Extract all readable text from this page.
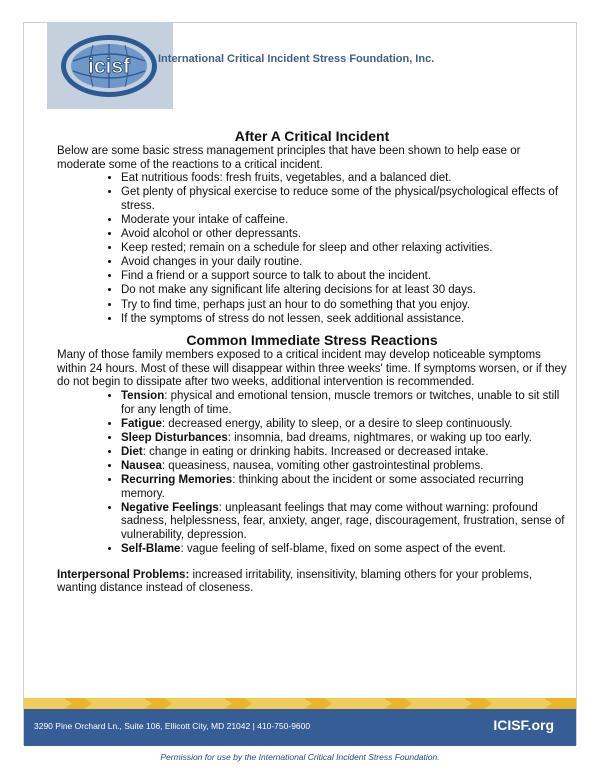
icisf	International Critical Incident Stress Foundation, Inc.
After A Critical Incident

Below are some basic stress management principles that have been shown to help ease or moderate some of the reactions to a critical incident.

• Eat nutritious foods: fresh fruits, vegetables, and a balanced diet.
• Get plenty of physical exercise to reduce some of the physical/psychological effects of stress.
• Moderate your intake of caffeine.
• Avoid alcohol or other depressants.
• Keep rested; remain on a schedule for sleep and other relaxing activities.
• Avoid changes in your daily routine.
• Find a friend or a support source to talk to about the incident.
• Do not make any significant life altering decisions for at least 30 days.
• Try to find time, perhaps just an hour to do something that you enjoy.
• If the symptoms of stress do not lessen, seek additional assistance.
Common Immediate Stress Reactions

Many of those family members exposed to a critical incident may develop noticeable symptoms within 24 hours. Most of these will disappear within three weeks' time. If symptoms worsen, or if they do not begin to dissipate after two weeks, additional intervention is recommended.

• Tension: physical and emotional tension, muscle tremors or twitches, unable to sit still for any length of time.
• Fatigue: decreased energy, ability to sleep, or a desire to sleep continuously.
• Sleep Disturbances: insomnia, bad dreams, nightmares, or waking up too early.
• Diet: change in eating or drinking habits. Increased or decreased intake.
• Nausea: queasiness, nausea, vomiting other gastrointestinal problems.
• Recurring Memories: thinking about the incident or some associated recurring memory.
• Negative Feelings: unpleasant feelings that may come without warning: profound sadness, helplessness, fear, anxiety, anger, rage, discouragement, frustration, sense of vulnerability, depression.
• Self-Blame: vague feeling of self-blame, fixed on some aspect of the event.

Interpersonal Problems: increased irritability, insensitivity, blaming others for your problems, wanting distance instead of closeness.

3290 Pine Orchard Ln., Suite 106, Ellicott City, MD 21042 | 410-750-9600	ICISF.org
Permission for use by the International Critical Incident Stress Foundation.
